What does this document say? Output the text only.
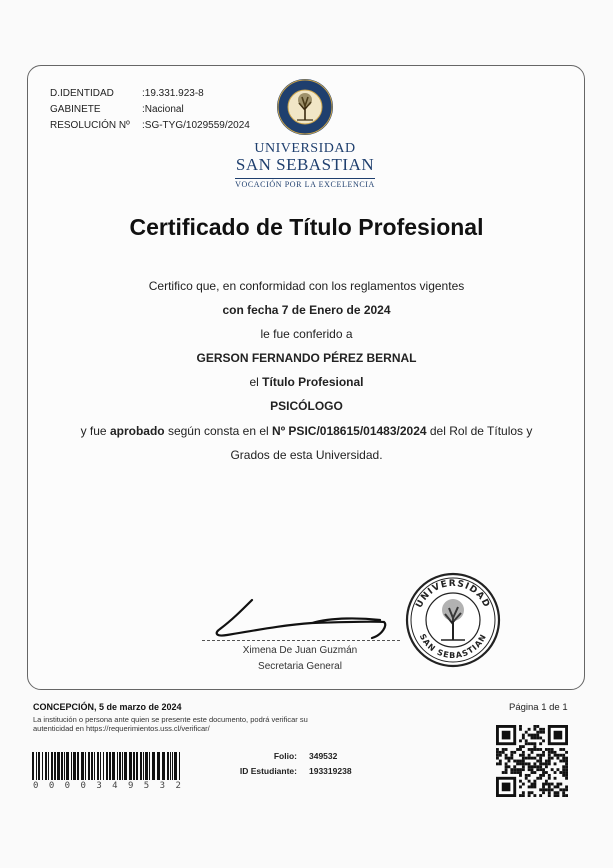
D.IDENTIDAD	:19.331.923-8
GABINETE	:Nacional
RESOLUCIÓN Nº	:SG-TYG/1029559/2024
UNIVERSIDAD
SAN SEBASTIAN
VOCACIÓN POR LA EXCELENCIA
Certificado de Título Profesional
Certifico que, en conformidad con los reglamentos vigentes
con fecha 7 de Enero de 2024
le fue conferido a
GERSON FERNANDO PÉREZ BERNAL
el Título Profesional
PSICÓLOGO
y fue aprobado según consta en el Nº PSIC/018615/01483/2024 del Rol de Títulos y
Grados de esta Universidad.
Ximena De Juan Guzmán
Secretaria General
UNIVERSIDAD
SAN SEBASTIAN
CONCEPCIÓN, 5 de marzo de 2024
La institución o persona ante quien se presente este documento, podrá verificar su autenticidad en https://requerimientos.uss.cl/verificar/
Página 1 de 1
Folio: 349532
ID Estudiante: 193319238
0 0 0 0 3 4 9 5 3 2
